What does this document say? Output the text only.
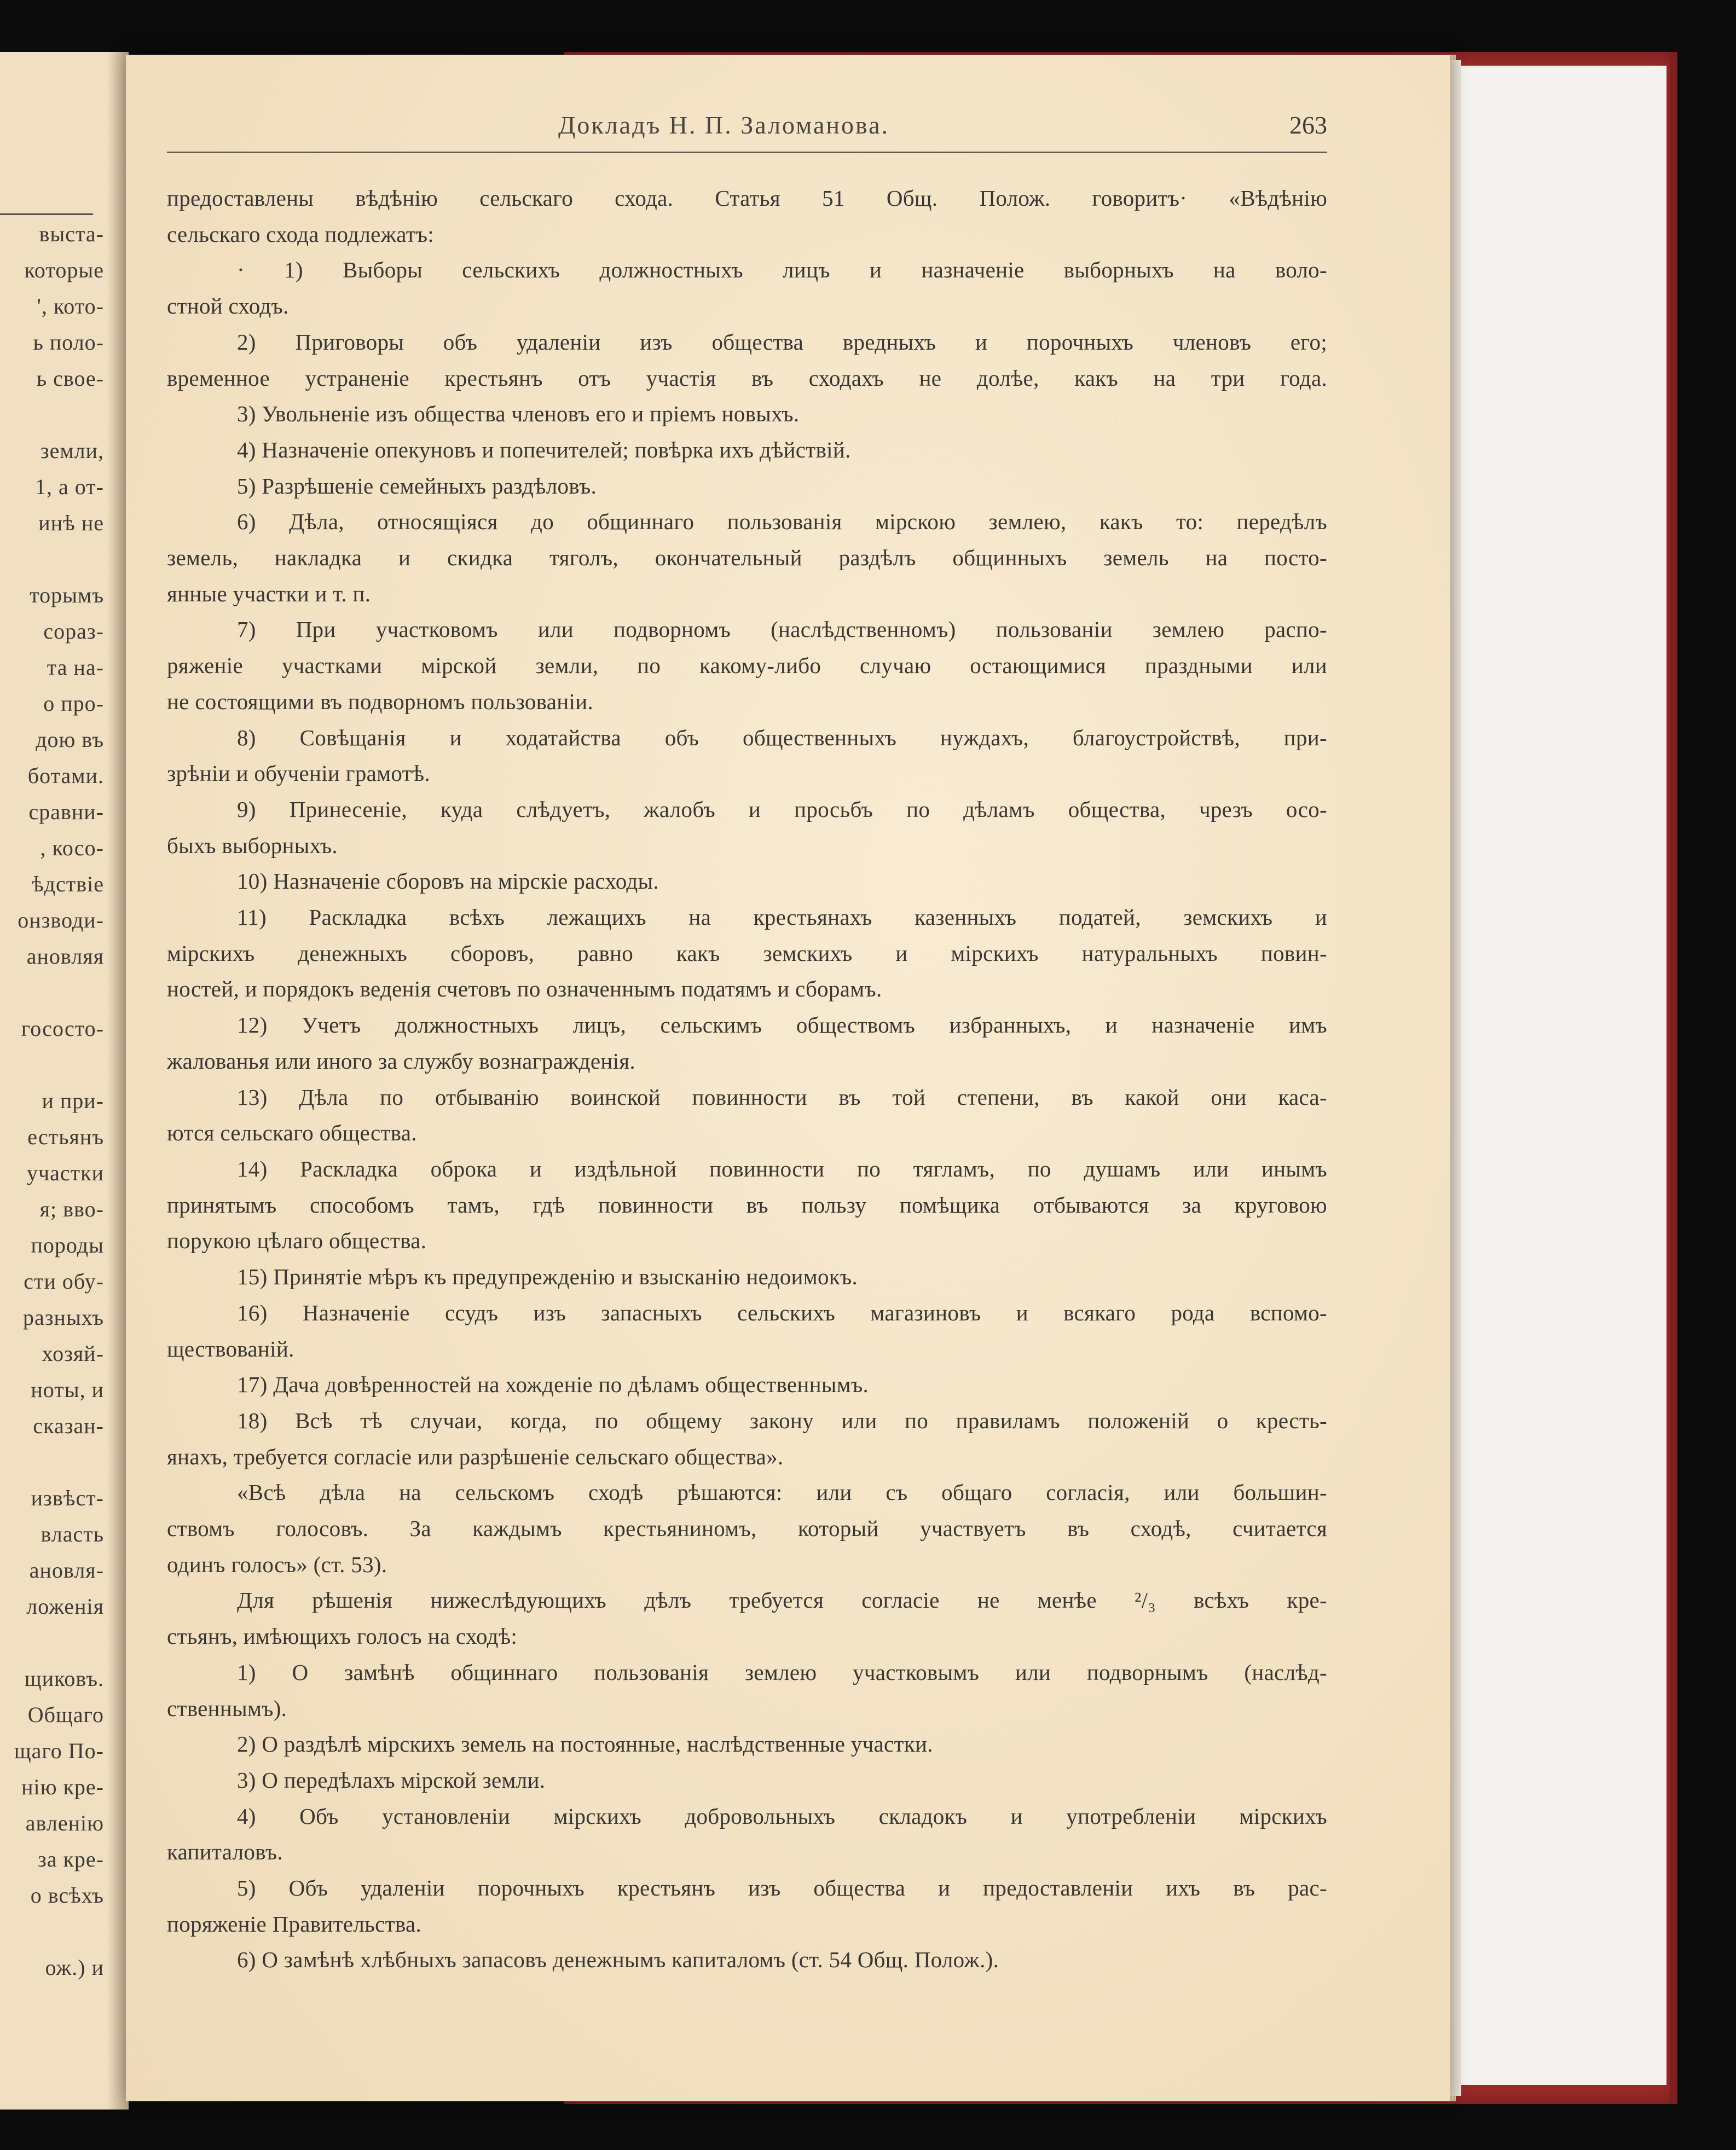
выста-
которые
', кото-
ь поло-
ь свое-
земли,
1, а от-
инѣ не
торымъ
сораз-
та на-
о про-
дою въ
ботами.
сравни-
, косо-
ѣдствіе
онзводи-
ановляя
гососто-
и при-
естьянъ
участки
я; вво-
породы
сти обу-
разныхъ
хозяй-
ноты, и
сказан-
извѣст-
власть
ановля-
ложенія
щиковъ.
Общаго
щаго По-
нію кре-
авленію
за кре-
о всѣхъ
ож.) и
Докладъ Н. П. Заломанова.	263
предоставлены вѣдѣнію сельскаго схода. Статья 51 Общ. Полож. говоритъ· «Вѣдѣнію
сельскаго схода подлежатъ:
· 1) Выборы сельскихъ должностныхъ лицъ и назначеніе выборныхъ на воло-
стной сходъ.
2) Приговоры объ удаленіи изъ общества вредныхъ и порочныхъ членовъ его;
временное устраненіе крестьянъ отъ участія въ сходахъ не долѣе, какъ на три года.
3) Увольненіе изъ общества членовъ его и пріемъ новыхъ.
4) Назначеніе опекуновъ и попечителей; повѣрка ихъ дѣйствій.
5) Разрѣшеніе семейныхъ раздѣловъ.
6) Дѣла, относящіяся до общиннаго пользованія мірскою землею, какъ то: передѣлъ
земель, накладка и скидка тяголъ, окончательный раздѣлъ общинныхъ земель на посто-
янные участки и т. п.
7) При участковомъ или подворномъ (наслѣдственномъ) пользованіи землею распо-
ряженіе участками мірской земли, по какому-либо случаю остающимися праздными или
не состоящими въ подворномъ пользованіи.
8) Совѣщанія и ходатайства объ общественныхъ нуждахъ, благоустройствѣ, при-
зрѣніи и обученіи грамотѣ.
9) Принесеніе, куда слѣдуетъ, жалобъ и просьбъ по дѣламъ общества, чрезъ осо-
быхъ выборныхъ.
10) Назначеніе сборовъ на мірскіе расходы.
11) Раскладка всѣхъ лежащихъ на крестьянахъ казенныхъ податей, земскихъ и
мірскихъ денежныхъ сборовъ, равно какъ земскихъ и мірскихъ натуральныхъ повин-
ностей, и порядокъ веденія счетовъ по означеннымъ податямъ и сборамъ.
12) Учетъ должностныхъ лицъ, сельскимъ обществомъ избранныхъ, и назначеніе имъ
жалованья или иного за службу вознагражденія.
13) Дѣла по отбыванію воинской повинности въ той степени, въ какой они каса-
ются сельскаго общества.
14) Раскладка оброка и издѣльной повинности по тягламъ, по душамъ или инымъ
принятымъ способомъ тамъ, гдѣ повинности въ пользу помѣщика отбываются за круговою
порукою цѣлаго общества.
15) Принятіе мѣръ къ предупрежденію и взысканію недоимокъ.
16) Назначеніе ссудъ изъ запасныхъ сельскихъ магазиновъ и всякаго рода вспомо-
ществованій.
17) Дача довѣренностей на хожденіе по дѣламъ общественнымъ.
18) Всѣ тѣ случаи, когда, по общему закону или по правиламъ положеній о кресть-
янахъ, требуется согласіе или разрѣшеніе сельскаго общества».
«Всѣ дѣла на сельскомъ сходѣ рѣшаются: или съ общаго согласія, или большин-
ствомъ голосовъ. За каждымъ крестьяниномъ, который участвуетъ въ сходѣ, считается
одинъ голосъ» (ст. 53).
Для рѣшенія нижеслѣдующихъ дѣлъ требуется согласіе не менѣе ²/₃ всѣхъ кре-
стьянъ, имѣющихъ голосъ на сходѣ:
1) О замѣнѣ общиннаго пользованія землею участковымъ или подворнымъ (наслѣд-
ственнымъ).
2) О раздѣлѣ мірскихъ земель на постоянные, наслѣдственные участки.
3) О передѣлахъ мірской земли.
4) Объ установленіи мірскихъ добровольныхъ складокъ и употребленіи мірскихъ
капиталовъ.
5) Объ удаленіи порочныхъ крестьянъ изъ общества и предоставленіи ихъ въ рас-
поряженіе Правительства.
6) О замѣнѣ хлѣбныхъ запасовъ денежнымъ капиталомъ (ст. 54 Общ. Полож.).
